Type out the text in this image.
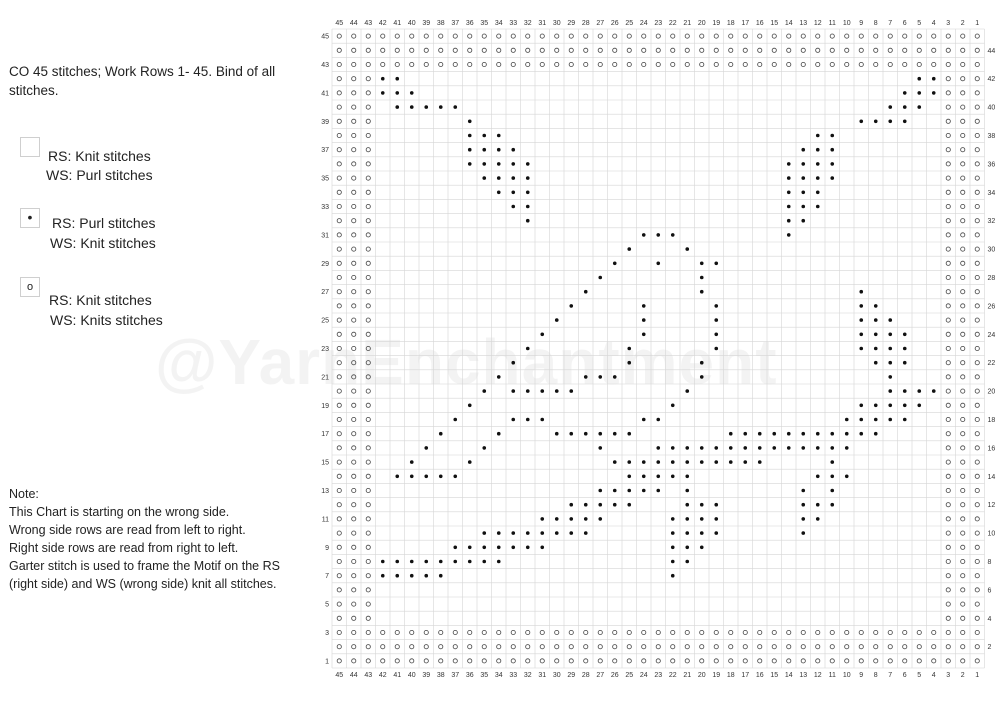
CO 45 stitches; Work Rows 1- 45. Bind of all stitches.
RS: Knit stitches
WS: Purl stitches
•	RS: Purl stitches
WS: Knit stitches
o
RS: Knit stitches
WS: Knits stitches
Note:
This Chart is starting on the wrong side.
Wrong side rows are read from left to right.
Right side rows are read from right to left.
Garter stitch is used to frame the Motif on the RS
(right side) and WS (wrong side) knit all stitches.
45
45
44
44
43
43
42
42
41
41
40
40
39
39
38
38
37
37
36
36
35
35
34
34
33
33
32
32
31
31
30
30
29
29
28
28
27
27
26
26
25
25
24
24
23
23
22
22
21
21
20
20
19
19
18
18
17
17
16
16
15
15
14
14
13
13
12
12
11
11
10
10
9
9
8
8
7
7
6
6
5
5
4
4
3
3
2
2
1
1
45
43
41
39
37
35
33
31
29
27
25
23
21
19
17
15
13
11
9
7
5
3
1
44
42
40
38
36
34
32
30
28
26
24
22
20
18
16
14
12
10
8
6
4
2
